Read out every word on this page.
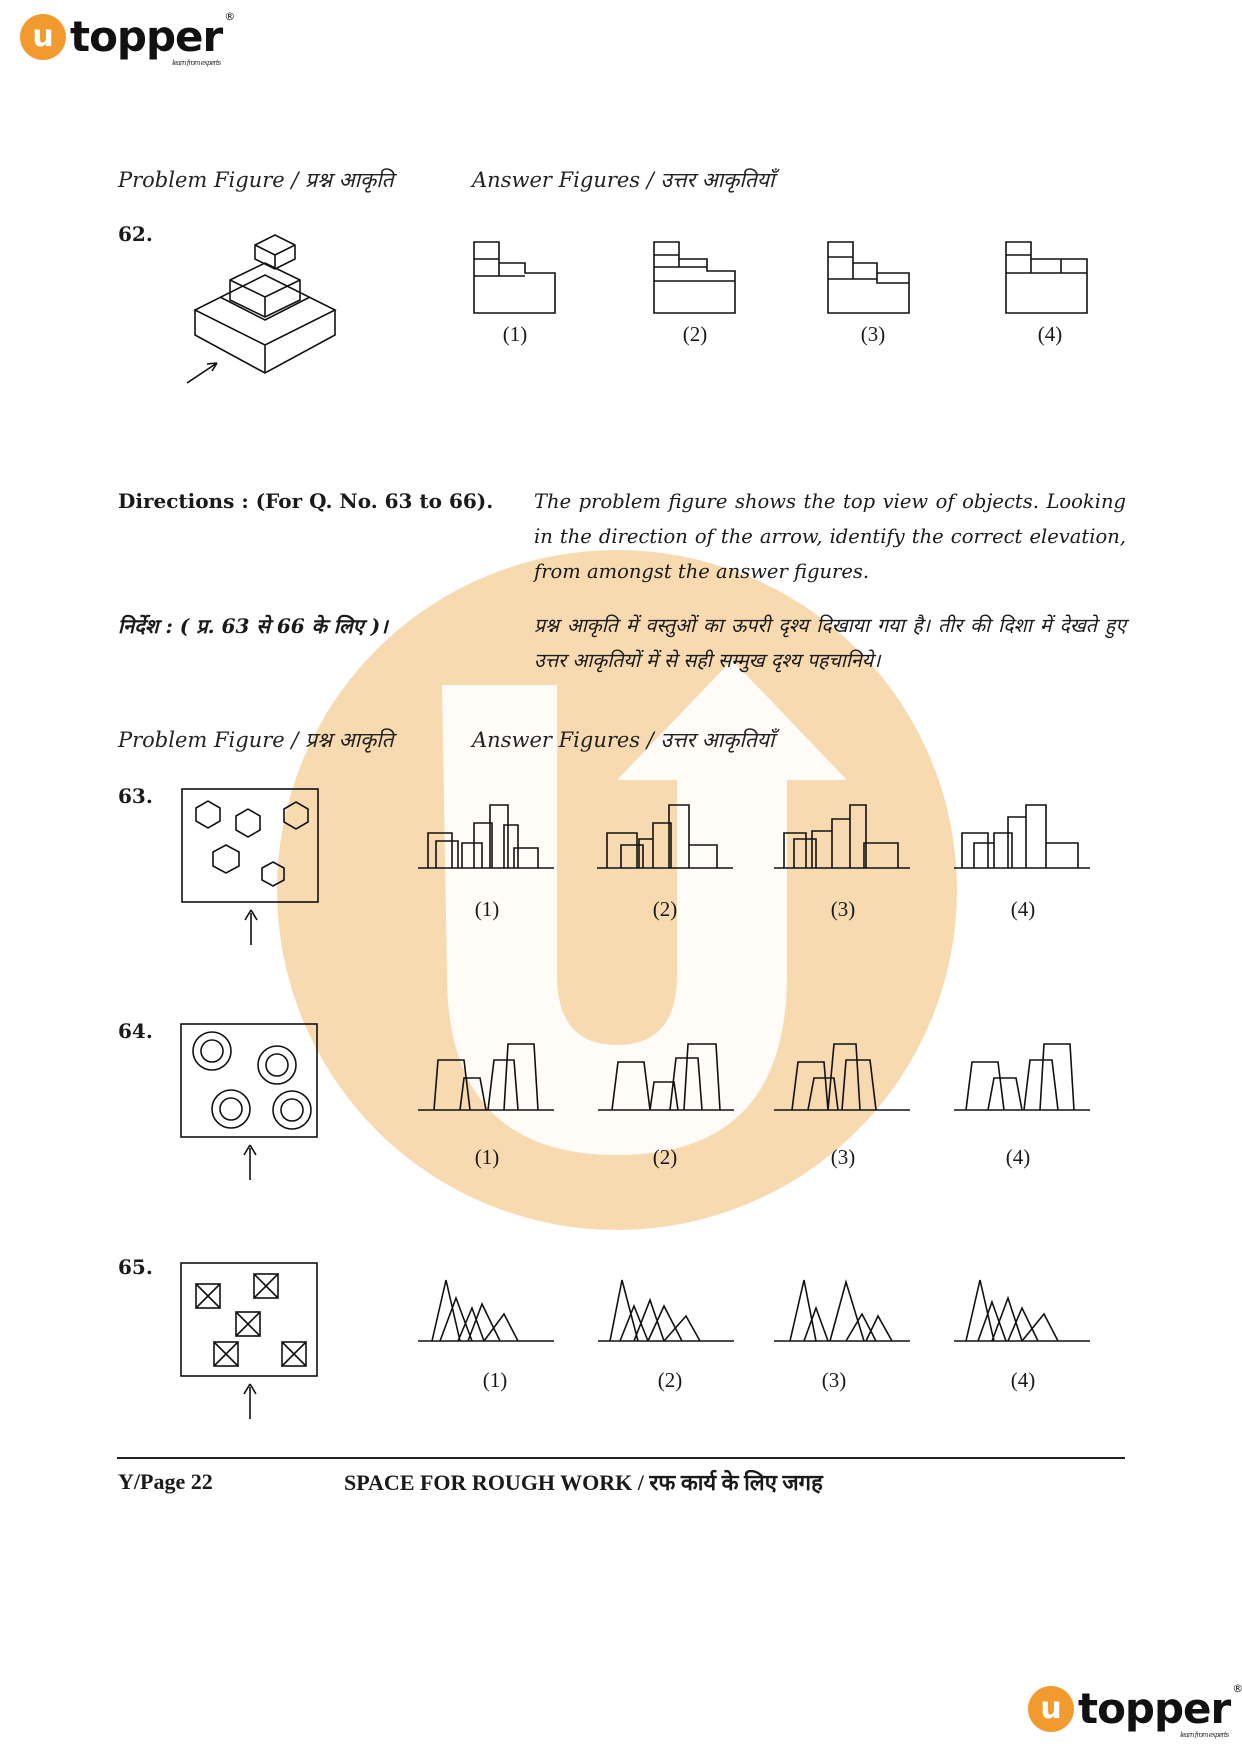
u topper ®
learn from experts
Problem Figure / प्रश्न आकृति	Answer Figures / उत्तर आकृतियाँ
62.
(1)	(2)	(3)	(4)
Directions : (For Q. No. 63 to 66). The problem figure shows the top view of objects. Looking in the direction of the arrow, identify the correct elevation, from amongst the answer figures.
निर्देश : ( प्र. 63 से 66 के लिए )।	प्रश्न आकृति में वस्तुओं का ऊपरी दृश्य दिखाया गया है। तीर की दिशा में देखते हुए उत्तर आकृतियों में से सही सम्मुख दृश्य पहचानिये।
Problem Figure / प्रश्न आकृति	Answer Figures / उत्तर आकृतियाँ
63.
(1)	(2)	(3)	(4)
64.
(1)	(2)	(3)	(4)
65.
(1)	(2)	(3)	(4)
Y/Page 22	SPACE FOR ROUGH WORK / रफ कार्य के लिए जगह
u topper ®
learn from experts
